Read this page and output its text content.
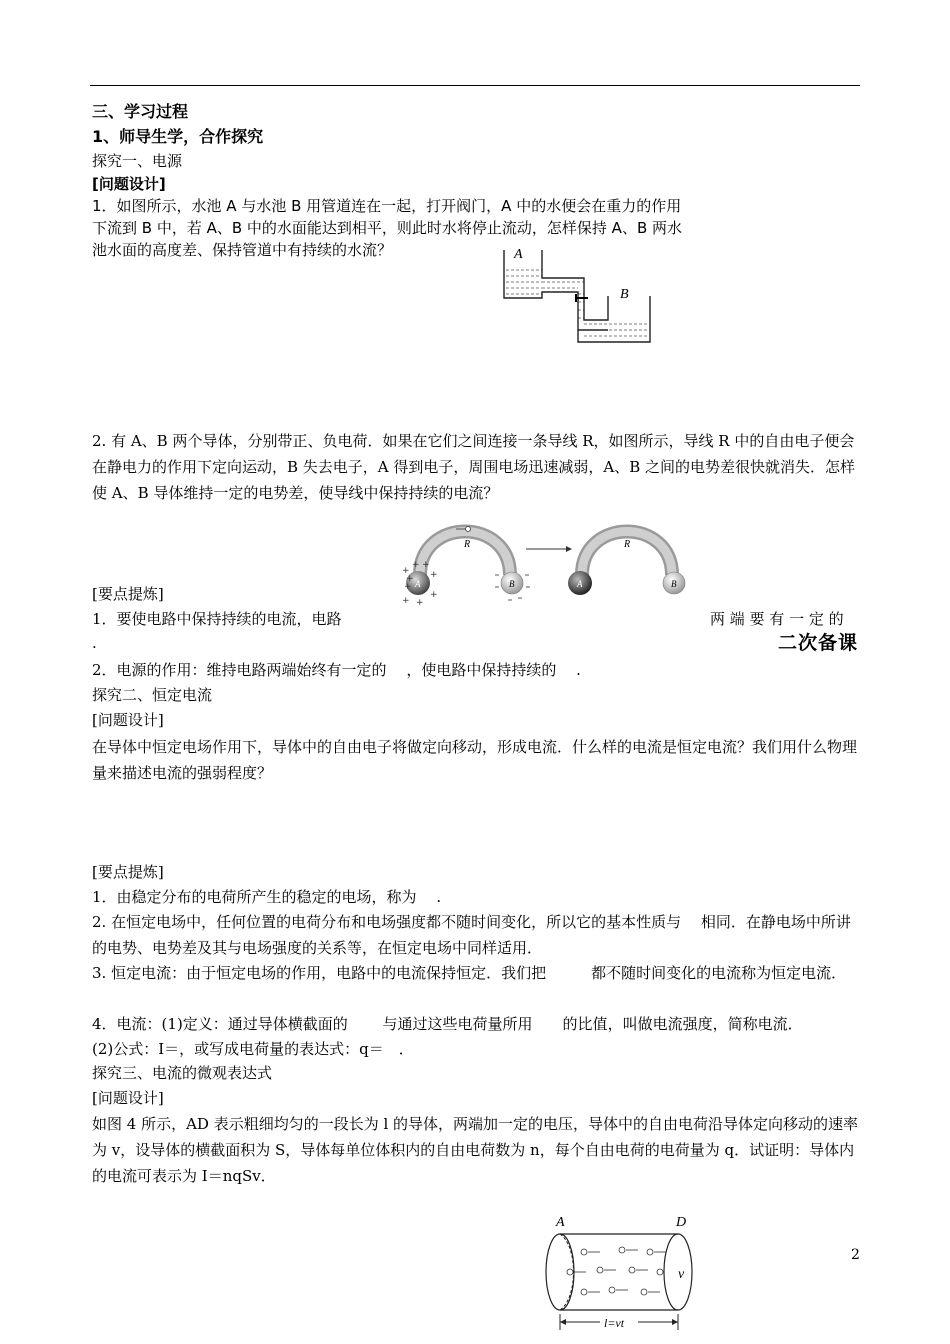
三、学习过程
1、师导生学，合作探究
探究一、电源
[问题设计]
1．如图所示，水池 A 与水池 B 用管道连在一起，打开阀门，A 中的水便会在重力的作用
下流到 B 中，若 A、B 中的水面能达到相平，则此时水将停止流动，怎样保持 A、B 两水
池水面的高度差、保持管道中有持续的水流？	A
B
2. 有 A、B 两个导体，分别带正、负电荷．如果在它们之间连接一条导线 R，如图所示，导线 R 中的自由电子便会在静电力的作用下定向运动，B 失去电子，A 得到电子，周围电场迅速减弱，A、B 之间的电势差很快就消失．怎样使 A、B 导体维持一定的电势差，使导线中保持持续的电流？
R
A
+
+
+
+ +
+
+
+
+	B
R
A	B
[要点提炼]
1．要使电路中保持持续的电流，电路	两 端 要 有 一 定 的
二次备课
.
2．电源的作用：维持电路两端始终有一定的　 ，使电路中保持持续的　 .
探究二、恒定电流
[问题设计]
在导体中恒定电场作用下，导体中的自由电子将做定向移动，形成电流．什么样的电流是恒定电流？我们用什么物理量来描述电流的强弱程度？
[要点提炼]
1．由稳定分布的电荷所产生的稳定的电场，称为　 .
2. 在恒定电场中，任何位置的电荷分布和电场强度都不随时间变化，所以它的基本性质与　 相同．在静电场中所讲的电势、电势差及其与电场强度的关系等，在恒定电场中同样适用．
3. 恒定电流：由于恒定电场的作用，电路中的电流保持恒定．我们把　　　都不随时间变化的电流称为恒定电流．
4．电流：(1)定义：通过导体横截面的　　 与通过这些电荷量所用　　的比值，叫做电流强度，简称电流．
(2)公式：I＝，或写成电荷量的表达式：q＝　．
探究三、电流的微观表达式
[问题设计]
如图 4 所示，AD 表示粗细均匀的一段长为 l 的导体，两端加一定的电压，导体中的自由电荷沿导体定向移动的速率为 v，设导体的横截面积为 S，导体每单位体积内的自由电荷数为 n，每个自由电荷的电荷量为 q．试证明：导体内的电流可表示为 I＝nqSv．
A	D
v
l=vt
2
